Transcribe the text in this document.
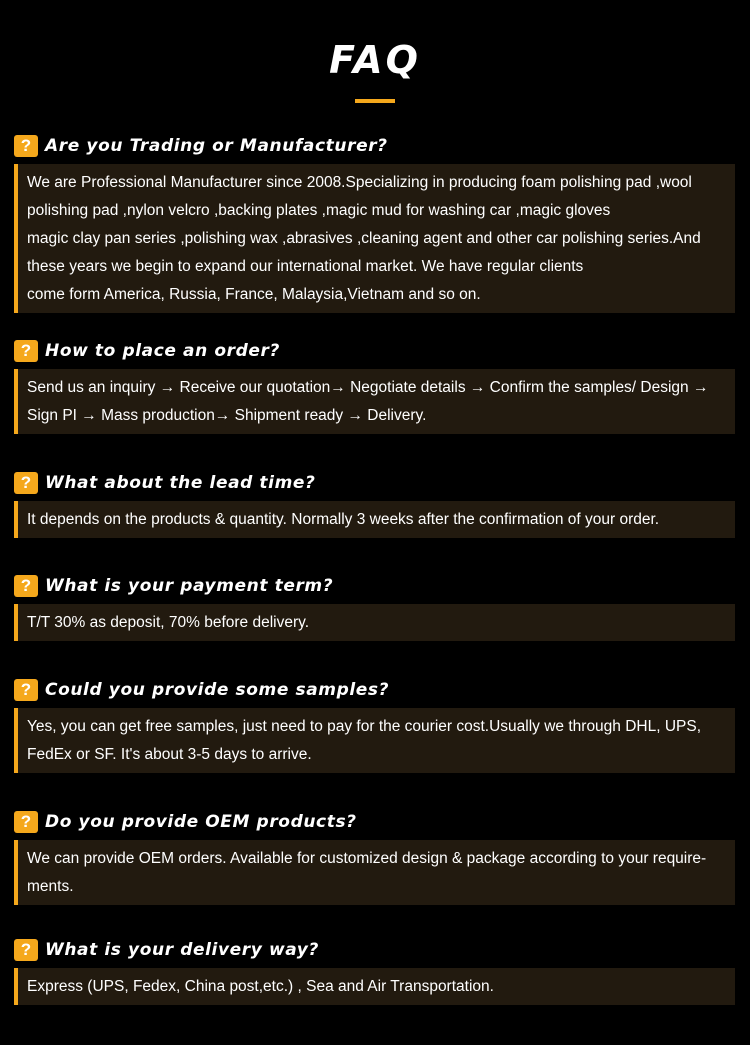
FAQ
? Are you Trading or Manufacturer?
We are Professional Manufacturer since 2008.Specializing in producing foam polishing pad ,wool
polishing pad ,nylon velcro ,backing plates ,magic mud for washing car ,magic gloves
magic clay pan series ,polishing wax ,abrasives ,cleaning agent and other car polishing series.And
these years we begin to expand our international market. We have regular clients
come form America, Russia, France, Malaysia,Vietnam and so on.
? How to place an order?
Send us an inquiry → Receive our quotation→ Negotiate details → Confirm the samples/ Design →
Sign PI → Mass production→ Shipment ready → Delivery.
? What about the lead time?
It depends on the products & quantity. Normally 3 weeks after the confirmation of your order.
? What is your payment term?
T/T 30% as deposit, 70% before delivery.
? Could you provide some samples?
Yes, you can get free samples, just need to pay for the courier cost.Usually we through DHL, UPS,
FedEx or SF. It's about 3-5 days to arrive.
? Do you provide OEM products?
We can provide OEM orders. Available for customized design & package according to your require-
ments.
? What is your delivery way?
Express (UPS, Fedex, China post,etc.) , Sea and Air Transportation.
